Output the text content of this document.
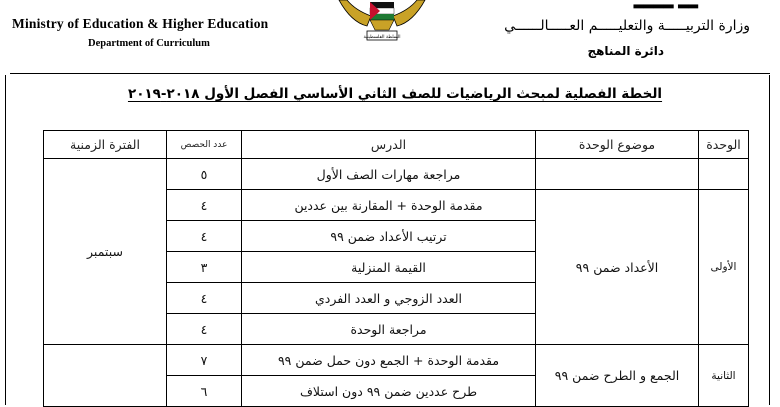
Ministry of Education & Higher Education
Department of Curriculum
السلطة الفلسطينية
▂▂ ▂▂▂▂
وزارة التربيـــــة والتعليـــــم العـــــالــــــي
دائرة المناهج
الخطة الفصلية لمبحث الرياضيات للصف الثاني الأساسي الفصل الأول ٢٠١٨-٢٠١٩
الوحدة	موضوع الوحدة	الدرس	عدد الحصص	الفترة الزمنية
		مراجعة مهارات الصف الأول	٥	سبتمبر
الأولى	الأعداد ضمن ٩٩	مقدمة الوحدة + المقارنة بين عددين	٤	
		ترتيب الأعداد ضمن ٩٩	٤	
		القيمة المنزلية	٣	
		العدد الزوجي و العدد الفردي	٤	
		مراجعة الوحدة	٤	
الثانية	الجمع و الطرح ضمن ٩٩	مقدمة الوحدة + الجمع دون حمل ضمن ٩٩	٧	
		طرح عددين ضمن ٩٩ دون استلاف	٦	
